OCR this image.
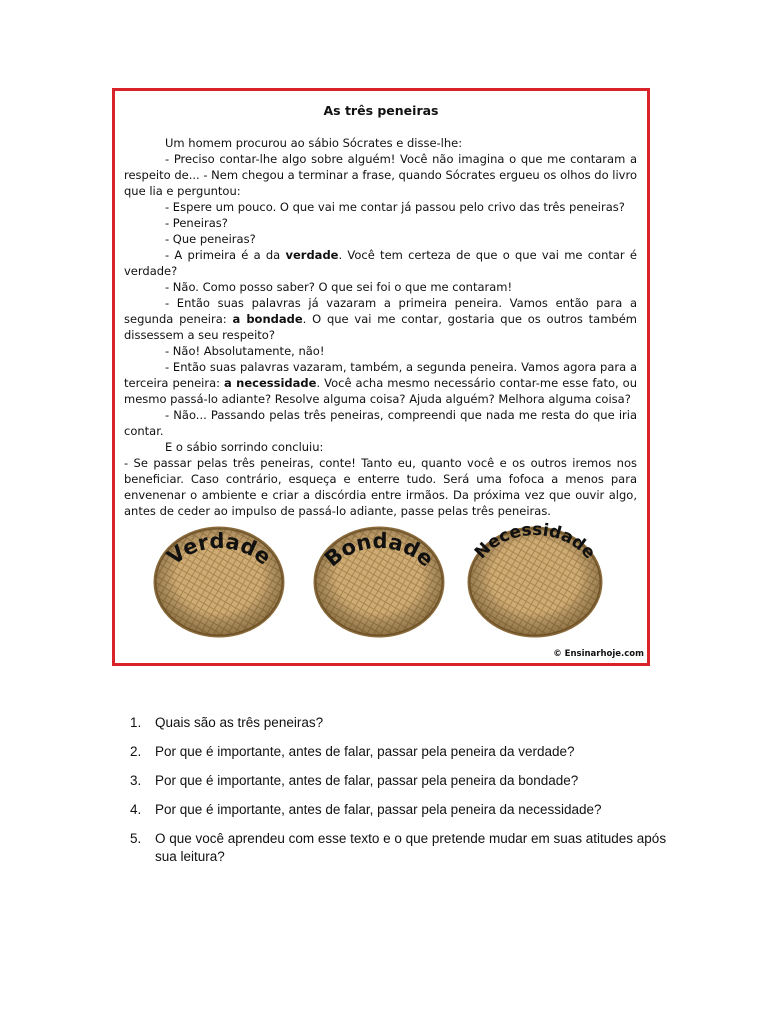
As três peneiras

Um homem procurou ao sábio Sócrates e disse-lhe:

- Preciso contar-lhe algo sobre alguém! Você não imagina o que me contaram a respeito de... - Nem chegou a terminar a frase, quando Sócrates ergueu os olhos do livro que lia e perguntou:

- Espere um pouco. O que vai me contar já passou pelo crivo das três peneiras?

- Peneiras?

- Que peneiras?

- A primeira é a da verdade. Você tem certeza de que o que vai me contar é verdade?

- Não. Como posso saber? O que sei foi o que me contaram!

- Então suas palavras já vazaram a primeira peneira. Vamos então para a segunda peneira: a bondade. O que vai me contar, gostaria que os outros também dissessem a seu respeito?

- Não! Absolutamente, não!

- Então suas palavras vazaram, também, a segunda peneira. Vamos agora para a terceira peneira: a necessidade. Você acha mesmo necessário contar-me esse fato, ou mesmo passá-lo adiante? Resolve alguma coisa? Ajuda alguém? Melhora alguma coisa?

- Não... Passando pelas três peneiras, compreendi que nada me resta do que iria contar.

E o sábio sorrindo concluiu:

- Se passar pelas três peneiras, conte! Tanto eu, quanto você e os outros iremos nos beneficiar. Caso contrário, esqueça e enterre tudo. Será uma fofoca a menos para envenenar o ambiente e criar a discórdia entre irmãos. Da próxima vez que ouvir algo, antes de ceder ao impulso de passá-lo adiante, passe pelas três peneiras.

Verdade Bondade Necessidade
© Ensinarhoje.com
1. Quais são as três peneiras?
2. Por que é importante, antes de falar, passar pela peneira da verdade?
3. Por que é importante, antes de falar, passar pela peneira da bondade?
4. Por que é importante, antes de falar, passar pela peneira da necessidade?
5. O que você aprendeu com esse texto e o que pretende mudar em suas atitudes após sua leitura?
